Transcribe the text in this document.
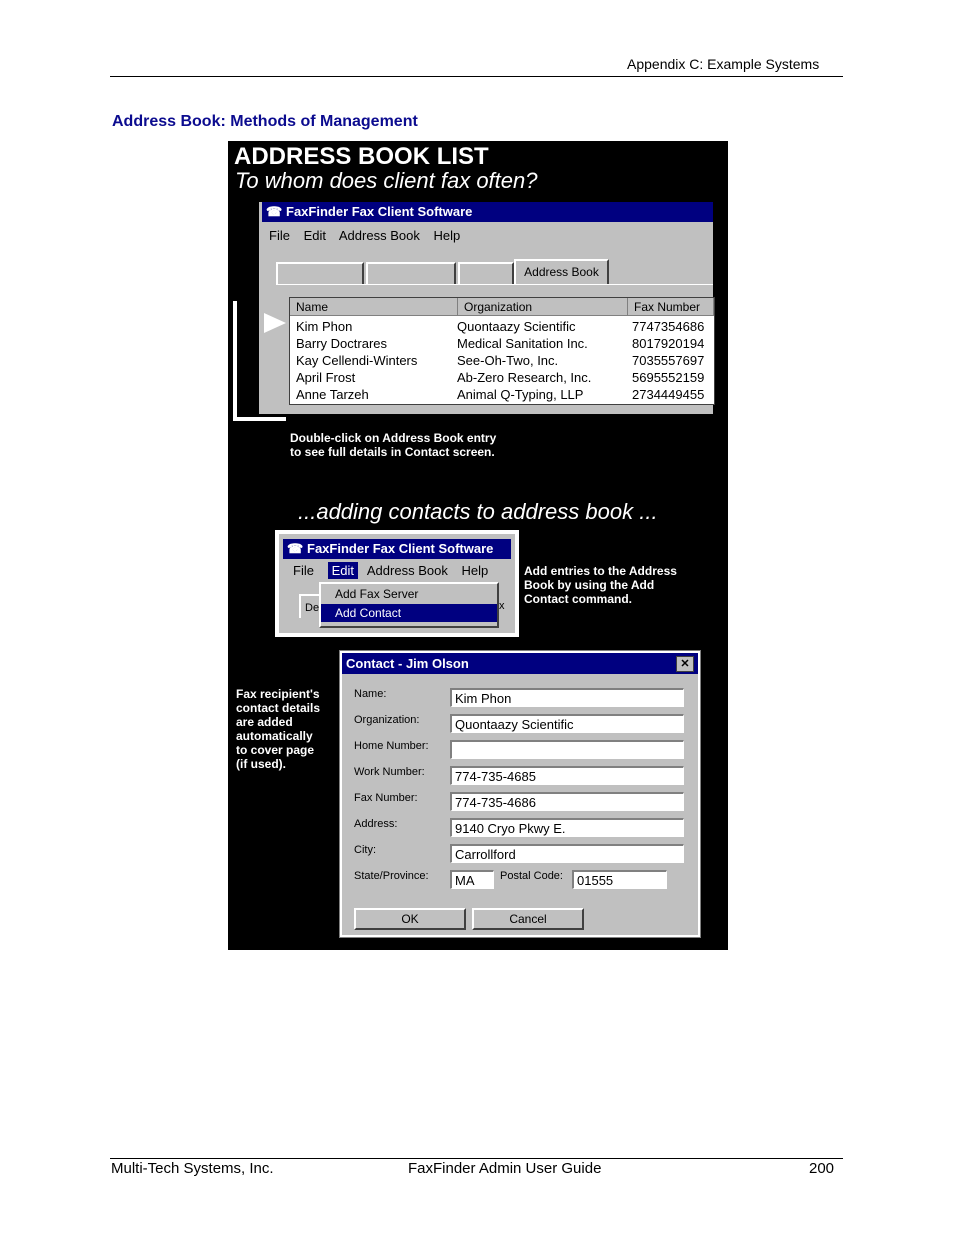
Appendix C: Example Systems
Address Book: Methods of Management
ADDRESS BOOK LIST
To whom does client fax often?
☎ FaxFinder Fax Client Software
File Edit Address Book Help
Address Book
Name	Organization	Fax Number
Kim Phon	Quontaazy Scientific	7747354686
Barry Doctrares	Medical Sanitation Inc.	8017920194
Kay Cellendi-Winters	See-Oh-Two, Inc.	7035557697
April Frost	Ab-Zero Research, Inc.	5695552159
Anne Tarzeh	Animal Q-Typing, LLP	2734449455
Double-click on Address Book entry
to see full details in Contact screen.
...adding contacts to address book ...
☎ FaxFinder Fax Client Software
File Edit Address Book Help
De	x
Add Fax Server
Add Contact
Add entries to the Address
Book by using the Add
Contact command.
Fax recipient's
contact details
are added
automatically
to cover page
(if used).
Contact - Jim Olson	✕
Name:	Kim Phon
Organization:	Quontaazy Scientific
Home Number:
Work Number:	774-735-4685
Fax Number:	774-735-4686
Address:	9140 Cryo Pkwy E.
City:	Carrollford
State/Province:	MA	Postal Code:	01555
OK	Cancel
Multi-Tech Systems, Inc.	FaxFinder Admin User Guide	200
